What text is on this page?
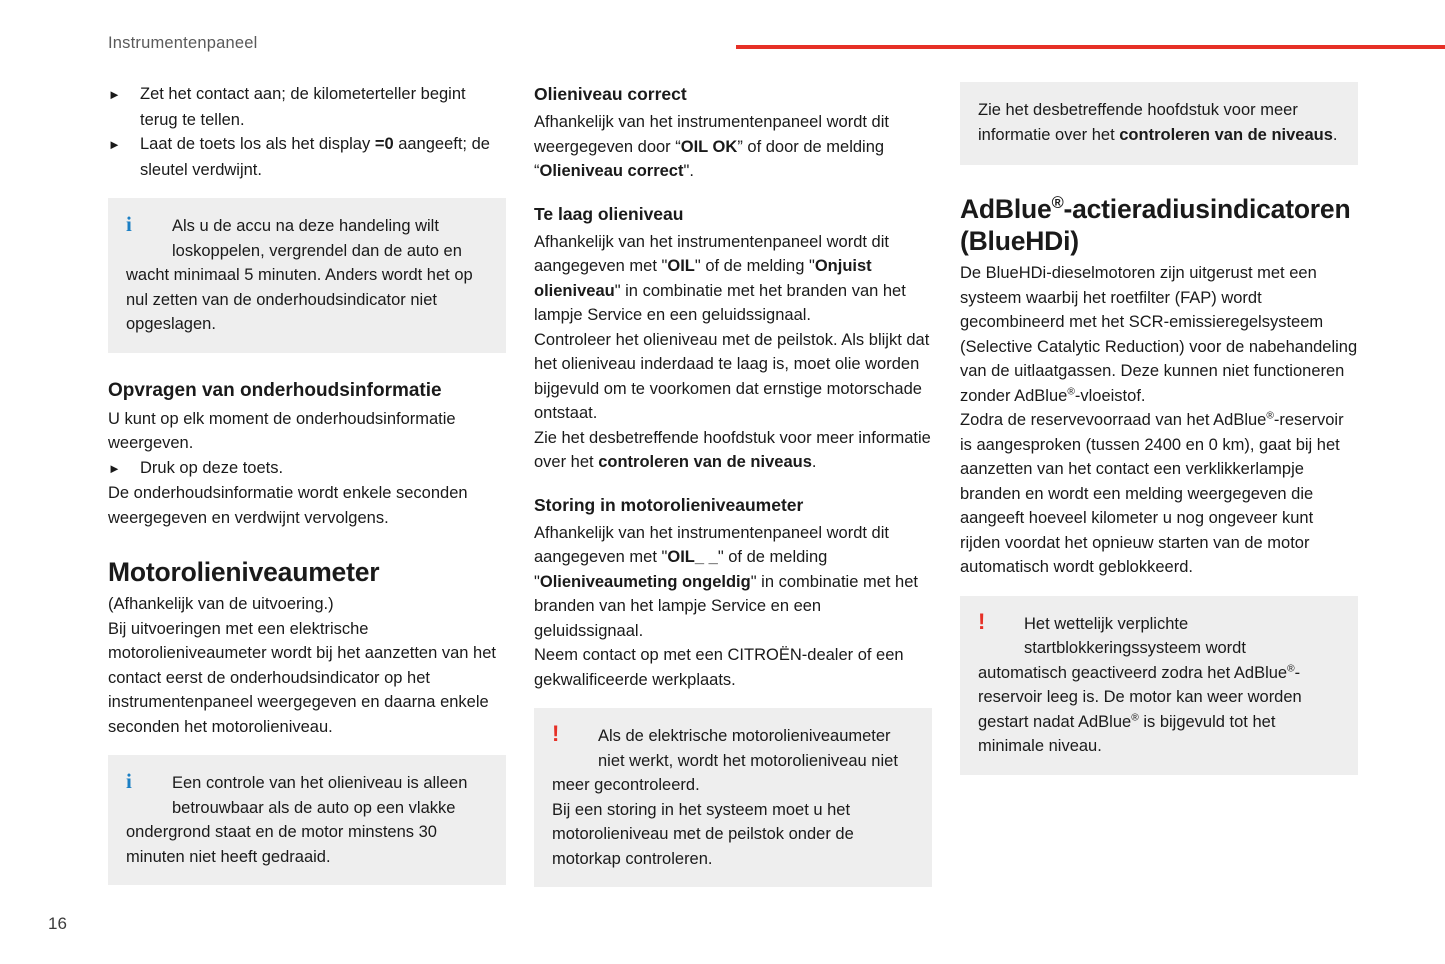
Instrumentenpaneel

► Zet het contact aan; de kilometerteller begint terug te tellen.

► Laat de toets los als het display =0 aangeeft; de sleutel verdwijnt.

i Als u de accu na deze handeling wilt loskoppelen, vergrendel dan de auto en

wacht minimaal 5 minuten. Anders wordt het op nul zetten van de onderhoudsindicator niet opgeslagen.

Opvragen van onderhoudsinformatie

U kunt op elk moment de onderhoudsinformatie weergeven.

► Druk op deze toets.

De onderhoudsinformatie wordt enkele seconden weergegeven en verdwijnt vervolgens.

Motorolieniveaumeter

(Afhankelijk van de uitvoering.)

Bij uitvoeringen met een elektrische motorolieniveaumeter wordt bij het aanzetten van het contact eerst de onderhoudsindicator op het instrumentenpaneel weergegeven en daarna enkele seconden het motorolieniveau.

i Een controle van het olieniveau is alleen betrouwbaar als de auto op een vlakke

ondergrond staat en de motor minstens 30 minuten niet heeft gedraaid.

Olieniveau correct

Afhankelijk van het instrumentenpaneel wordt dit weergegeven door “OIL OK” of door de melding “Olieniveau correct".

Te laag olieniveau

Afhankelijk van het instrumentenpaneel wordt dit aangegeven met "OIL" of de melding "Onjuist olieniveau" in combinatie met het branden van het lampje Service en een geluidssignaal.

Controleer het olieniveau met de peilstok. Als blijkt dat het olieniveau inderdaad te laag is, moet olie worden bijgevuld om te voorkomen dat ernstige motorschade ontstaat.

Zie het desbetreffende hoofdstuk voor meer informatie over het controleren van de niveaus.

Storing in motorolieniveaumeter

Afhankelijk van het instrumentenpaneel wordt dit aangegeven met "OIL_ _" of de melding "Olieniveaumeting ongeldig" in combinatie met het branden van het lampje Service en een geluidssignaal.

Neem contact op met een CITROËN-dealer of een gekwalificeerde werkplaats.

! Als de elektrische motorolieniveaumeter niet werkt, wordt het motorolieniveau niet

meer gecontroleerd.

Bij een storing in het systeem moet u het motorolieniveau met de peilstok onder de motorkap controleren.

Zie het desbetreffende hoofdstuk voor meer informatie over het controleren van de niveaus.

AdBlue®-actieradiusindicatoren (BlueHDi)

De BlueHDi-dieselmotoren zijn uitgerust met een systeem waarbij het roetfilter (FAP) wordt gecombineerd met het SCR-emissieregelsysteem (Selective Catalytic Reduction) voor de nabehandeling van de uitlaatgassen. Deze kunnen niet functioneren zonder AdBlue®-vloeistof.

Zodra de reservevoorraad van het AdBlue®-reservoir is aangesproken (tussen 2400 en 0 km), gaat bij het aanzetten van het contact een verklikkerlampje branden en wordt een melding weergegeven die aangeeft hoeveel kilometer u nog ongeveer kunt rijden voordat het opnieuw starten van de motor automatisch wordt geblokkeerd.

! Het wettelijk verplichte startblokkeringssysteem wordt

automatisch geactiveerd zodra het AdBlue®-reservoir leeg is. De motor kan weer worden gestart nadat AdBlue® is bijgevuld tot het minimale niveau.

16
